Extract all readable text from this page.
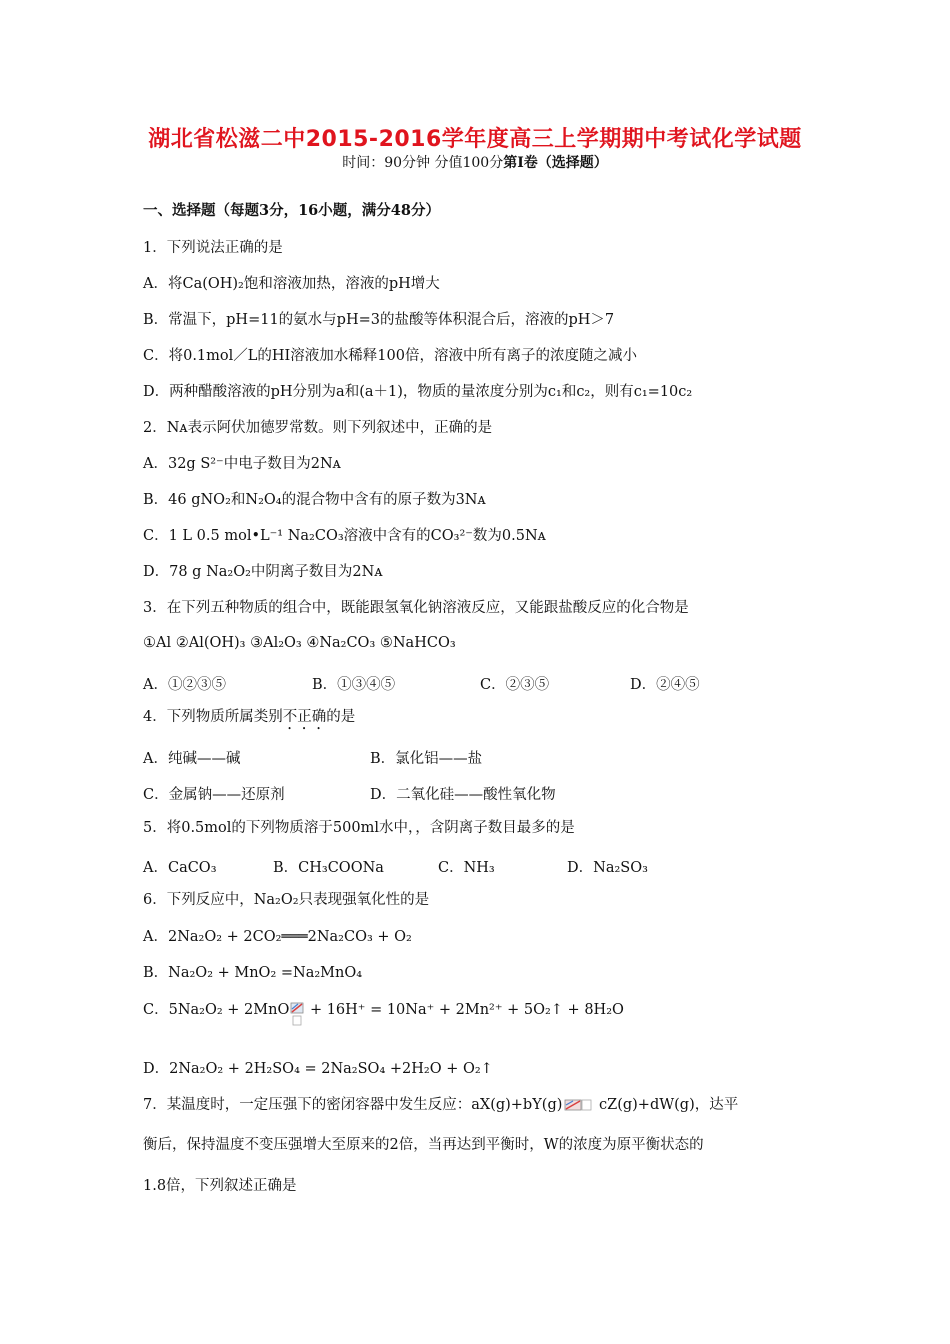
湖北省松滋二中2015-2016学年度高三上学期期中考试化学试题
时间：90分钟 分值100分第Ⅰ卷（选择题）
一、选择题（每题3分，16小题，满分48分）
1．下列说法正确的是
A．将Ca(OH)₂饱和溶液加热，溶液的pH增大
B．常温下，pH=11的氨水与pH=3的盐酸等体积混合后，溶液的pH＞7
C．将0.1mol／L的HI溶液加水稀释100倍，溶液中所有离子的浓度随之减小
D．两种醋酸溶液的pH分别为a和(a＋1)，物质的量浓度分别为c₁和c₂，则有c₁=10c₂
2．Nᴀ表示阿伏加德罗常数。则下列叙述中，正确的是
A．32g S²⁻中电子数目为2Nᴀ
B．46 gNO₂和N₂O₄的混合物中含有的原子数为3Nᴀ
C．1 L 0.5 mol•L⁻¹ Na₂CO₃溶液中含有的CO₃²⁻数为0.5Nᴀ
D．78 g Na₂O₂中阴离子数目为2Nᴀ
3．在下列五种物质的组合中，既能跟氢氧化钠溶液反应，又能跟盐酸反应的化合物是
①Al ②Al(OH)₃ ③Al₂O₃ ④Na₂CO₃ ⑤NaHCO₃
A．①②③⑤	B．①③④⑤	C．②③⑤	D．②④⑤
4．下列物质所属类别不正确的是
A．纯碱——碱	B．氯化铝——盐
C．金属钠——还原剂	D．二氧化硅——酸性氧化物
5．将0.5mol的下列物质溶于500ml水中，，含阴离子数目最多的是
A．CaCO₃	B．CH₃COONa	C．NH₃	D．Na₂SO₃
6．下列反应中，Na₂O₂只表现强氧化性的是
A．2Na₂O₂ + 2CO₂═══2Na₂CO₃ + O₂
B．Na₂O₂ + MnO₂ =Na₂MnO₄
C．5Na₂O₂ + 2MnO + 16H⁺ = 10Na⁺ + 2Mn²⁺ + 5O₂↑ + 8H₂O
D．2Na₂O₂ + 2H₂SO₄ = 2Na₂SO₄ +2H₂O + O₂↑
7．某温度时，一定压强下的密闭容器中发生反应：aX(g)+bY(g) cZ(g)+dW(g)，达平
衡后，保持温度不变压强增大至原来的2倍，当再达到平衡时，W的浓度为原平衡状态的
1.8倍，下列叙述正确是
